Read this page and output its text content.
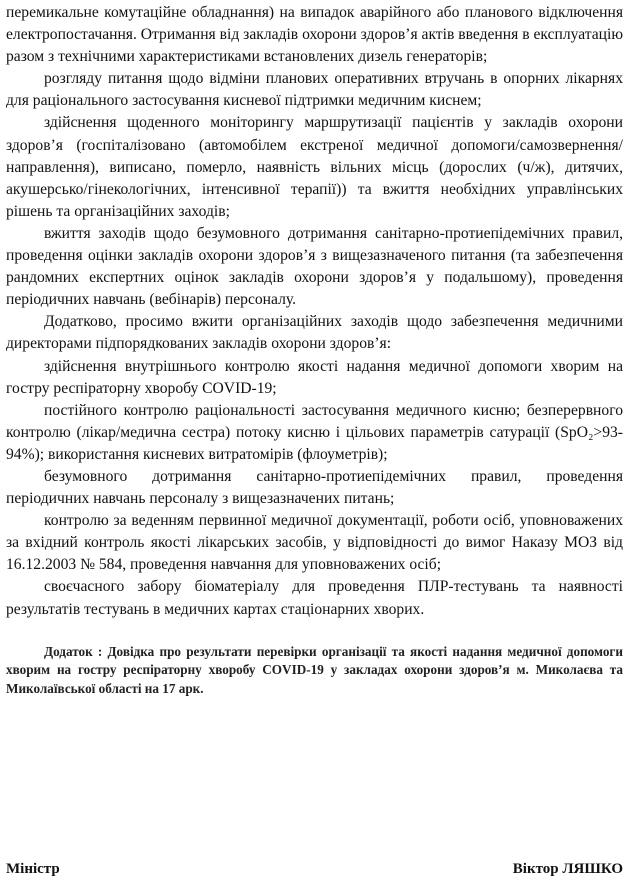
перемикальне комутаційне обладнання) на випадок аварійного або планового відключення електропостачання. Отримання від закладів охорони здоров’я актів введення в експлуатацію разом з технічними характеристиками встановлених дизель генераторів;

розгляду питання щодо відміни планових оперативних втручань в опорних лікарнях для раціонального застосування кисневої підтримки медичним киснем;

здійснення щоденного моніторингу маршрутизації пацієнтів у закладів охорони здоров’я (госпіталізовано (автомобілем екстреної медичної допомоги/самозвернення/направлення), виписано, померло, наявність вільних місць (дорослих (ч/ж), дитячих, акушерсько/гінекологічних, інтенсивної терапії)) та вжиття необхідних управлінських рішень та організаційних заходів;

вжиття заходів щодо безумовного дотримання санітарно-протиепідемічних правил, проведення оцінки закладів охорони здоров’я з вищезазначеного питання (та забезпечення рандомних експертних оцінок закладів охорони здоров’я у подальшому), проведення періодичних навчань (вебінарів) персоналу.

Додатково, просимо вжити організаційних заходів щодо забезпечення медичними директорами підпорядкованих закладів охорони здоров’я:

здійснення внутрішнього контролю якості надання медичної допомоги хворим на гостру респіраторну хворобу COVID-19;

постійного контролю раціональності застосування медичного кисню; безперервного контролю (лікар/медична сестра) потоку кисню і цільових параметрів сатурації (SpO₂>93-94%); використання кисневих витратомірів (флоуметрів);

безумовного дотримання санітарно-протиепідемічних правил, проведення періодичних навчань персоналу з вищезазначених питань;

контролю за веденням первинної медичної документації, роботи осіб, уповноважених за вхідний контроль якості лікарських засобів, у відповідності до вимог Наказу МОЗ від 16.12.2003 № 584, проведення навчання для уповноважених осіб;

своєчасного забору біоматеріалу для проведення ПЛР-тестувань та наявності результатів тестувань в медичних картах стаціонарних хворих.

Додаток : Довідка про результати перевірки організації та якості надання медичної допомоги хворим на гостру респіраторну хворобу COVID-19 у закладах охорони здоров’я м. Миколаєва та Миколаївської області на 17 арк.

Міністр	Віктор ЛЯШКО
